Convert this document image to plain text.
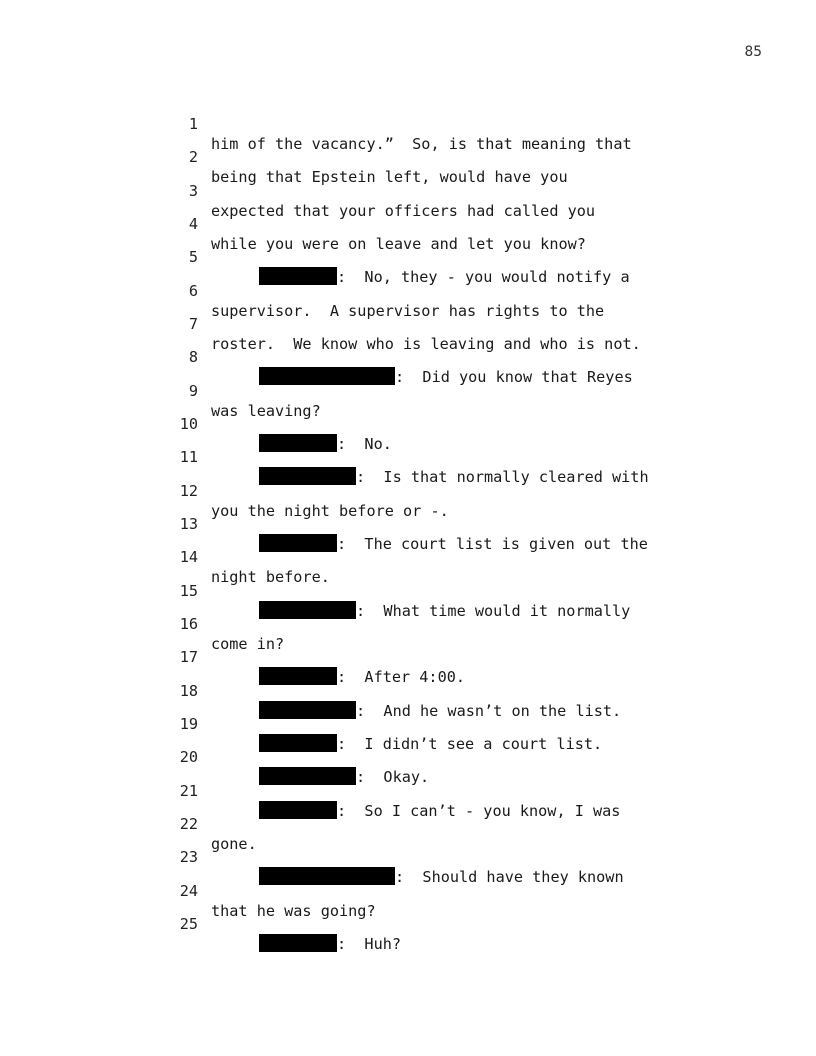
85

1

him of the vacancy.”  So, is that meaning that

2

being that Epstein left, would have you

3

expected that your officers had called you

4

while you were on leave and let you know?

5

:  No, they - you would notify a

6

supervisor.  A supervisor has rights to the

7

roster.  We know who is leaving and who is not.

8

:  Did you know that Reyes

9

was leaving?

10

:  No.

11

:  Is that normally cleared with

12

you the night before or -.

13

:  The court list is given out the

14

night before.

15

:  What time would it normally

16

come in?

17

:  After 4:00.

18

:  And he wasn’t on the list.

19

:  I didn’t see a court list.

20

:  Okay.

21

:  So I can’t - you know, I was

22

gone.

23

:  Should have they known

24

that he was going?

25

:  Huh?
